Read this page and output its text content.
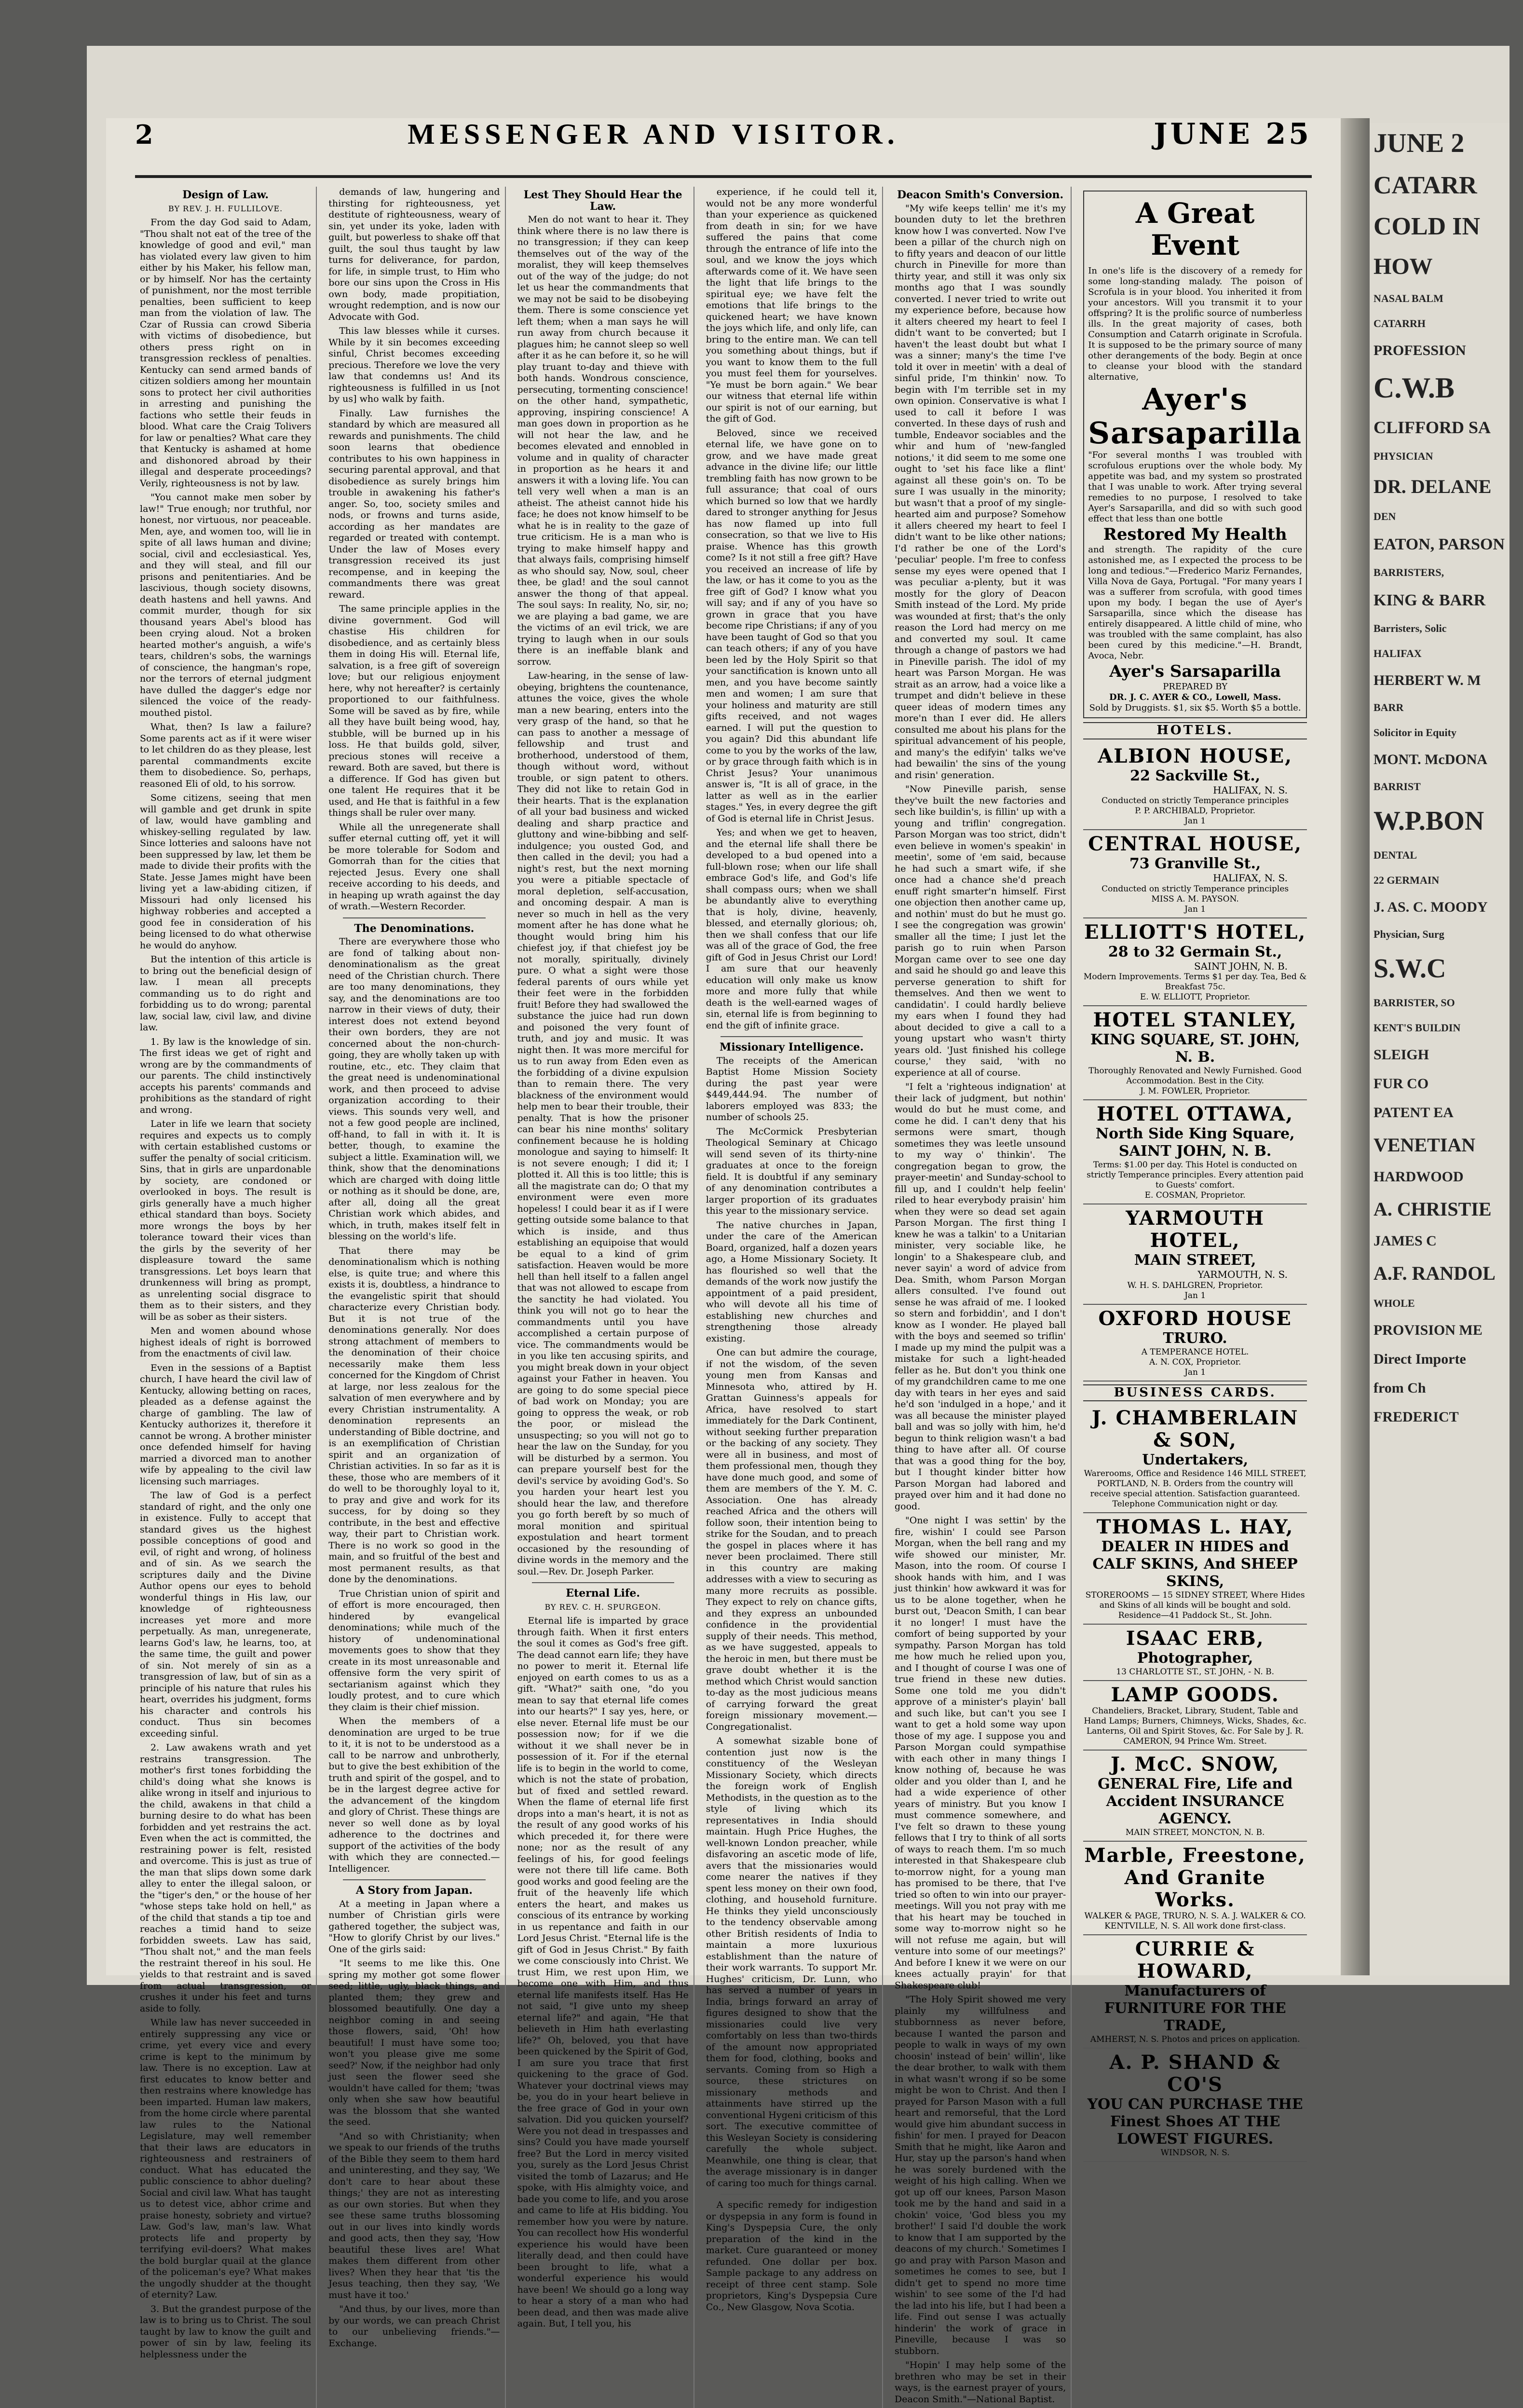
JUNE 2
CATARR
COLD IN
HOW
NASAL BALM
CATARRH
PROFESSION
C.W.B
CLIFFORD SA
PHYSICIAN
DR. DELANE
DEN
EATON, PARSON
BARRISTERS,
KING & BARR
Barristers, Solic
HALIFAX
HERBERT W. M
BARR
Solicitor in Equity
MONT. McDONA
BARRIST
W.P.BON
DENTAL
22 GERMAIN
J. AS. C. MOODY
Physician, Surg
S.W.C
BARRISTER, SO
KENT'S BUILDIN
SLEIGH
FUR CO
PATENT EA
VENETIAN
HARDWOOD
A. CHRISTIE
JAMES C
A.F. RANDOL
WHOLE
PROVISION ME
Direct Importe
from Ch
FREDERICT
2	MESSENGER AND VISITOR.	JUNE 25
Design of Law.
BY REV. J. H. FULLILOVE.

From the day God said to Adam, "Thou shalt not eat of the tree of the knowledge of good and evil," man has violated every law given to him either by his Maker, his fellow man, or by himself. Nor has the certainty of punishment, nor the most terrible penalties, been sufficient to keep man from the violation of law. The Czar of Russia can crowd Siberia with victims of disobedience, but others press right on in transgression reckless of penalties. Kentucky can send armed bands of citizen soldiers among her mountain sons to protect her civil authorities in arresting and punishing the factions who settle their feuds in blood. What care the Craig Tolivers for law or penalties? What care they that Kentucky is ashamed at home and dishonored abroad by their illegal and desperate proceedings? Verily, righteousness is not by law.

"You cannot make men sober by law!" True enough; nor truthful, nor honest, nor virtuous, nor peaceable. Men, aye, and women too, will lie in spite of all laws human and divine; social, civil and ecclesiastical. Yes, and they will steal, and fill our prisons and penitentiaries. And be lascivious, though society disowns, death hastens and hell yawns. And commit murder, though for six thousand years Abel's blood has been crying aloud. Not a broken hearted mother's anguish, a wife's tears, children's sobs, the warnings of conscience, the hangman's rope, nor the terrors of eternal judgment have dulled the dagger's edge nor silenced the voice of the ready-mouthed pistol.

What, then? Is law a failure? Some parents act as if it were wiser to let children do as they please, lest parental commandments excite them to disobedience. So, perhaps, reasoned Eli of old, to his sorrow.

Some citizens, seeing that men will gamble and get drunk in spite of law, would have gambling and whiskey-selling regulated by law. Since lotteries and saloons have not been suppressed by law, let them be made to divide their profits with the State. Jesse James might have been living yet a law-abiding citizen, if Missouri had only licensed his highway robberies and accepted a good fee in consideration of his being licensed to do what otherwise he would do anyhow.

But the intention of this article is to bring out the beneficial design of law. I mean all precepts commanding us to do right and forbidding us to do wrong; parental law, social law, civil law, and divine law.

1. By law is the knowledge of sin. The first ideas we get of right and wrong are by the commandments of our parents. The child instinctively accepts his parents' commands and prohibitions as the standard of right and wrong.

Later in life we learn that society requires and expects us to comply with certain established customs or suffer the penalty of social criticism. Sins, that in girls are unpardonable by society, are condoned or overlooked in boys. The result is girls generally have a much higher ethical standard than boys. Society more wrongs the boys by her tolerance toward their vices than the girls by the severity of her displeasure toward the same transgressions. Let boys learn that drunkenness will bring as prompt, as unrelenting social disgrace to them as to their sisters, and they will be as sober as their sisters.

Men and women abound whose highest ideals of right is borrowed from the enactments of civil law.

Even in the sessions of a Baptist church, I have heard the civil law of Kentucky, allowing betting on races, pleaded as a defense against the charge of gambling. The law of Kentucky authorizes it, therefore it cannot be wrong. A brother minister once defended himself for having married a divorced man to another wife by appealing to the civil law licensing such marriages.

The law of God is a perfect standard of right, and the only one in existence. Fully to accept that standard gives us the highest possible conceptions of good and evil, of right and wrong, of holiness and of sin. As we search the scriptures daily and the Divine Author opens our eyes to behold wonderful things in His law, our knowledge of righteousness increases yet more and more perpetually. As man, unregenerate, learns God's law, he learns, too, at the same time, the guilt and power of sin. Not merely of sin as a transgression of law, but of sin as a principle of his nature that rules his heart, overrides his judgment, forms his character and controls his conduct. Thus sin becomes exceeding sinful.

2. Law awakens wrath and yet restrains transgression. The mother's first tones forbidding the child's doing what she knows is alike wrong in itself and injurious to the child, awakens in that child a burning desire to do what has been forbidden and yet restrains the act. Even when the act is committed, the restraining power is felt, resisted and overcome. This is just as true of the man that slips down some dark alley to enter the illegal saloon, or the "tiger's den," or the house of her "whose steps take hold on hell," as of the child that stands a tip toe and reaches a timid hand to seize forbidden sweets. Law has said, "Thou shalt not," and the man feels the restraint thereof in his soul. He yields to that restraint and is saved from actual transgression, or crushes it under his feet and turns aside to folly.

While law has never succeeded in entirely suppressing any vice or crime, yet every vice and every crime is kept to the minimum by law. There is no exception. Law at first educates to know better and then restrains where knowledge has been imparted. Human law makers, from the home circle where parental law rules to the National Legislature, may well remember that their laws are educators in righteousness and restrainers of conduct. What has educated the public conscience to abhor dueling? Social and civil law. What has taught us to detest vice, abhor crime and praise honesty, sobriety and virtue? Law. God's law, man's law. What protects life and property by terrifying evil-doers? What makes the bold burglar quail at the glance of the policeman's eye? What makes the ungodly shudder at the thought of eternity? Law.

3. But the grandest purpose of the law is to bring us to Christ. The soul taught by law to know the guilt and power of sin by law, feeling its helplessness under the

demands of law, hungering and thirsting for righteousness, yet destitute of righteousness, weary of sin, yet under its yoke, laden with guilt, but powerless to shake off that guilt, the soul thus taught by law turns for deliverance, for pardon, for life, in simple trust, to Him who bore our sins upon the Cross in His own body, made propitiation, wrought redemption, and is now our Advocate with God.

This law blesses while it curses. While by it sin becomes exceeding sinful, Christ becomes exceeding precious. Therefore we love the very law that condemns us! And its righteousness is fulfilled in us [not by us] who walk by faith.

Finally. Law furnishes the standard by which are measured all rewards and punishments. The child soon learns that obedience contributes to his own happiness in securing parental approval, and that disobedience as surely brings him trouble in awakening his father's anger. So, too, society smiles and nods, or frowns and turns aside, according as her mandates are regarded or treated with contempt. Under the law of Moses every transgression received its just recompense, and in keeping the commandments there was great reward.

The same principle applies in the divine government. God will chastise His children for disobedience, and as certainly bless them in doing His will. Eternal life, salvation, is a free gift of sovereign love; but our religious enjoyment here, why not hereafter? is certainly proportioned to our faithfulness. Some will be saved as by fire, while all they have built being wood, hay, stubble, will be burned up in his loss. He that builds gold, silver, precious stones will receive a reward. Both are saved, but there is a difference. If God has given but one talent He requires that it be used, and He that is faithful in a few things shall be ruler over many.

While all the unregenerate shall suffer eternal cutting off, yet it will be more tolerable for Sodom and Gomorrah than for the cities that rejected Jesus. Every one shall receive according to his deeds, and in heaping up wrath against the day of wrath.—Western Recorder.

The Denominations.

There are everywhere those who are fond of talking about non-denominationalism as the great need of the Christian church. There are too many denominations, they say, and the denominations are too narrow in their views of duty, their interest does not extend beyond their own borders, they are not concerned about the non-church-going, they are wholly taken up with routine, etc., etc. They claim that the great need is undenominational work, and then proceed to advise organization according to their views. This sounds very well, and not a few good people are inclined, off-hand, to fall in with it. It is better, though, to examine the subject a little. Examination will, we think, show that the denominations which are charged with doing little or nothing as it should be done, are, after all, doing all the great Christian work which abides, and which, in truth, makes itself felt in blessing on the world's life.

That there may be denominationalism which is nothing else, is quite true; and where this exists it is, doubtless, a hindrance to the evangelistic spirit that should characterize every Christian body. But it is not true of the denominations generally. Nor does strong attachment of members to the denomination of their choice necessarily make them less concerned for the Kingdom of Christ at large, nor less zealous for the salvation of men everywhere and by every Christian instrumentality. A denomination represents an understanding of Bible doctrine, and is an exemplification of Christian spirit and an organization of Christian activities. In so far as it is these, those who are members of it do well to be thoroughly loyal to it, to pray and give and work for its success, for by doing so they contribute, in the best and effective way, their part to Christian work. There is no work so good in the main, and so fruitful of the best and most permanent results, as that done by the denominations.

True Christian union of spirit and of effort is more encouraged, then hindered by evangelical denominations; while much of the history of undenominational movements goes to show that they create in its most unreasonable and offensive form the very spirit of sectarianism against which they loudly protest, and to cure which they claim is their chief mission.

When the members of a denomination are urged to be true to it, it is not to be understood as a call to be narrow and unbrotherly, but to give the best exhibition of the truth and spirit of the gospel, and to be in the largest degree active for the advancement of the kingdom and glory of Christ. These things are never so well done as by loyal adherence to the doctrines and support of the activities of the body with which they are connected.—Intelligencer.

A Story from Japan.

At a meeting in Japan where a number of Christian girls were gathered together, the subject was, "How to glorify Christ by our lives." One of the girls said:

"It seems to me like this. One spring my mother got some flower seed; little, ugly, black things, and planted them; they grew and blossomed beautifully. One day a neighbor coming in and seeing those flowers, said, 'Oh! how beautiful! I must have some too; won't you please give me some seed?' Now, if the neighbor had only just seen the flower seed she wouldn't have called for them; 'twas only when she saw how beautiful was the blossom that she wanted the seed.

"And so with Christianity; when we speak to our friends of the truths of the Bible they seem to them hard and uninteresting, and they say, 'We don't care to hear about these things;' they are not as interesting as our own stories. But when they see these same truths blossoming out in our lives into kindly words and good acts, then they say, 'How beautiful these lives are! What makes them different from other lives? When they hear that 'tis the Jesus teaching, then they say, 'We must have it too.'

"And thus, by our lives, more than by our words, we can preach Christ to our unbelieving friends."—Exchange.

Lest They Should Hear the Law.

Men do not want to hear it. They think where there is no law there is no transgression; if they can keep themselves out of the way of the moralist, they will keep themselves out of the way of the judge; do not let us hear the commandments that we may not be said to be disobeying them. There is some conscience yet left them; when a man says he will run away from church because it plagues him; he cannot sleep so well after it as he can before it, so he will play truant to-day and thieve with both hands. Wondrous conscience, persecuting, tormenting conscience! on the other hand, sympathetic, approving, inspiring conscience! A man goes down in proportion as he will not hear the law, and he becomes elevated and ennobled in volume and in quality of character in proportion as he hears it and answers it with a loving life. You can tell very well when a man is an atheist. The atheist cannot hide his face; he does not know himself to be what he is in reality to the gaze of true criticism. He is a man who is trying to make himself happy and that always fails, comprising himself as who should say, Now, soul, cheer thee, be glad! and the soul cannot answer the thong of that appeal. The soul says: In reality, No, sir, no; we are playing a bad game, we are the victims of an evil trick, we are trying to laugh when in our souls there is an ineffable blank and sorrow.

Law-hearing, in the sense of law-obeying, brightens the countenance, attunes the voice, gives the whole man a new bearing, enters into the very grasp of the hand, so that he can pass to another a message of fellowship and trust and brotherhood, understood of them, though without word, without trouble, or sign patent to others. They did not like to retain God in their hearts. That is the explanation of all your bad business and wicked dealing and sharp practice and gluttony and wine-bibbing and self-indulgence; you ousted God, and then called in the devil; you had a night's rest, but the next morning you were a pitiable spectacle of moral depletion, self-accusation, and oncoming despair. A man is never so much in hell as the very moment after he has done what he thought would bring him his chiefest joy, if that chiefest joy be not morally, spiritually, divinely pure. O what a sight were those federal parents of ours while yet their feet were in the forbidden fruit! Before they had swallowed the substance the juice had run down and poisoned the very fount of truth, and joy and music. It was night then. It was more merciful for us to run away from Eden even as the forbidding of a divine expulsion than to remain there. The very blackness of the environment would help men to bear their trouble, their penalty. That is how the prisoner can bear his nine months' solitary confinement because he is holding monologue and saying to himself: It is not severe enough; I did it; I plotted it. All this is too little; this is all the magistrate can do; O that my environment were even more hopeless! I could bear it as if I were getting outside some balance to that which is inside, and thus establishing an equipoise that would be equal to a kind of grim satisfaction. Heaven would be more hell than hell itself to a fallen angel that was not allowed to escape from the sanctity he had violated. You think you will not go to hear the commandments until you have accomplished a certain purpose of vice. The commandments would be in you like ten accusing spirits, and you might break down in your object against your Father in heaven. You are going to do some special piece of bad work on Monday; you are going to oppress the weak, or rob the poor, or mislead the unsuspecting; so you will not go to hear the law on the Sunday, for you will be disturbed by a sermon. You can prepare yourself best for the devil's service by avoiding God's. So you harden your heart lest you should hear the law, and therefore you go forth bereft by so much of moral monition and spiritual expostulation and heart torment occasioned by the resounding of divine words in the memory and the soul.—Rev. Dr. Joseph Parker.

Eternal Life.
BY REV. C. H. SPURGEON.

Eternal life is imparted by grace through faith. When it first enters the soul it comes as God's free gift. The dead cannot earn life; they have no power to merit it. Eternal life enjoyed on earth comes to us as a gift. "What?" saith one, "do you mean to say that eternal life comes into our hearts?" I say yes, here, or else never. Eternal life must be our possession now; for if we die without it we shall never be in possession of it. For if the eternal life is to begin in the world to come, which is not the state of probation, but of fixed and settled reward. When the flame of eternal life first drops into a man's heart, it is not as the result of any good works of his which preceded it, for there were none; nor as the result of any feelings of his, for good feelings were not there till life came. Both good works and good feeling are the fruit of the heavenly life which enters the heart, and makes us conscious of its entrance by working in us repentance and faith in our Lord Jesus Christ. "Eternal life is the gift of God in Jesus Christ." By faith we come consciously into Christ. We trust Him, we rest upon Him, we become one with Him, and thus eternal life manifests itself. Has He not said, "I give unto my sheep eternal life?" and again, "He that believeth in Him hath everlasting life?" Oh, beloved, you that have been quickened by the Spirit of God, I am sure you trace that first quickening to the grace of God. Whatever your doctrinal views may be, you do in your heart believe in the free grace of God in your own salvation. Did you quicken yourself? Were you not dead in trespasses and sins? Could you have made yourself free? But the Lord in mercy visited you, surely as the Lord Jesus Christ visited the tomb of Lazarus; and He spoke, with His almighty voice, and bade you come to life, and you arose and came to life at His bidding. You remember how you were by nature. You can recollect how His wonderful experience his would have been literally dead, and then could have been brought to life, what a wonderful experience his would have been! We should go a long way to hear a story of a man who had been dead, and then was made alive again. But, I tell you, his

experience, if he could tell it, would not be any more wonderful than your experience as quickened from death in sin; for we have suffered the pains that come through the entrance of life into the soul, and we know the joys which afterwards come of it. We have seen the light that life brings to the spiritual eye; we have felt the emotions that life brings to the quickened heart; we have known the joys which life, and only life, can bring to the entire man. We can tell you something about things, but if you want to know them to the full you must feel them for yourselves. "Ye must be born again." We bear our witness that eternal life within our spirit is not of our earning, but the gift of God.

Beloved, since we received eternal life, we have gone on to grow, and we have made great advance in the divine life; our little trembling faith has now grown to be full assurance; that coal of ours which burned so low that we hardly dared to stronger anything for Jesus has now flamed up into full consecration, so that we live to His praise. Whence has this growth come? Is it not still a free gift? Have you received an increase of life by the law, or has it come to you as the free gift of God? I know what you will say; and if any of you have so grown in grace that you have become ripe Christians; if any of you have been taught of God so that you can teach others; if any of you have been led by the Holy Spirit so that your sanctification is known unto all men, and you have become saintly men and women; I am sure that your holiness and maturity are still gifts received, and not wages earned. I will put the question to you again? Did this abundant life come to you by the works of the law, or by grace through faith which is in Christ Jesus? Your unanimous answer is, "It is all of grace, in the latter as well as in the earlier stages." Yes, in every degree the gift of God is eternal life in Christ Jesus.

Yes; and when we get to heaven, and the eternal life shall there be developed to a bud opened into a full-blown rose; when our life shall embrace God's life, and God's life shall compass ours; when we shall be abundantly alive to everything that is holy, divine, heavenly, blessed, and eternally glorious; oh, then we shall confess that our life was all of the grace of God, the free gift of God in Jesus Christ our Lord! I am sure that our heavenly education will only make us know more and more fully that while death is the well-earned wages of sin, eternal life is from beginning to end the gift of infinite grace.

Missionary Intelligence.

The receipts of the American Baptist Home Mission Society during the past year were $449,444.94. The number of laborers employed was 833; the number of schools 25.

The McCormick Presbyterian Theological Seminary at Chicago will send seven of its thirty-nine graduates at once to the foreign field. It is doubtful if any seminary of any denomination contributes a larger proportion of its graduates this year to the missionary service.

The native churches in Japan, under the care of the American Board, organized, half a dozen years ago, a Home Missionary Society. It has flourished so well that the demands of the work now justify the appointment of a paid president, who will devote all his time of establishing new churches and strengthening those already existing.

One can but admire the courage, if not the wisdom, of the seven young men from Kansas and Minnesota who, attired by H. Grattan Guinness's appeals for Africa, have resolved to start immediately for the Dark Continent, without seeking further preparation or the backing of any society. They were all in business, and most of them professional men, though they have done much good, and some of them are members of the Y. M. C. Association. One has already reached Africa and the others will follow soon, their intention being to strike for the Soudan, and to preach the gospel in places where it has never been proclaimed. There still in this country are making addresses with a view to securing as many more recruits as possible. They expect to rely on chance gifts, and they express an unbounded confidence in the providential supply of their needs. This method, as we have suggested, appeals to the heroic in men, but there must be grave doubt whether it is the method which Christ would sanction to-day as the most judicious means of carrying forward the great foreign missionary movement.—Congregationalist.

A somewhat sizable bone of contention just now is the constituency of the Wesleyan Missionary Society, which directs the foreign work of English Methodists, in the question as to the style of living which its representatives in India should maintain. Hugh Price Hughes, the well-known London preacher, while disfavoring an ascetic mode of life, avers that the missionaries would come nearer the natives if they spent less money on their own food, clothing, and household furniture. He thinks they yield unconsciously to the tendency observable among other British residents of India to maintain a more luxurious establishment than the nature of their work warrants. To support Mr. Hughes' criticism, Dr. Lunn, who has served a number of years in India, brings forward an array of figures designed to show that the missionaries could live very comfortably on less than two-thirds of the amount now appropriated them for food, clothing, books and servants. Coming from so High a source, these strictures on missionary methods and attainments have stirred up the conventional Hygeni criticism of this sort. The executive committee of this Wesleyan Society is considering carefully the whole subject. Meanwhile, one thing is clear, that the average missionary is in danger of caring too much for things carnal.

A specific remedy for indigestion or dyspepsia in any form is found in King's Dyspepsia Cure, the only preparation of the kind in the market. Cure guaranteed or money refunded. One dollar per box. Sample package to any address on receipt of three cent stamp. Sole proprietors, King's Dyspepsia Cure Co., New Glasgow, Nova Scotia.

Deacon Smith's Conversion.

"My wife keeps tellin' me it's my bounden duty to let the brethren know how I was converted. Now I've been a pillar of the church nigh on to fifty years and deacon of our little church in Pineville for more than thirty year, and still it was only six months ago that I was soundly converted. I never tried to write out my experience before, because how it alters cheered my heart to feel I didn't want to be converted; but I haven't the least doubt but what I was a sinner; many's the time I've told it over in meetin' with a deal of sinful pride, I'm thinkin' now. To begin with I'm terrible set in my own opinion. Conservative is what I used to call it before I was converted. In these days of rush and tumble, Endeavor sociables and the whir and hum of 'new-fangled notions,' it did seem to me some one ought to 'set his face like a flint' against all these goin's on. To be sure I was usually in the minority; but wasn't that a proof of my single-hearted aim and purpose? Somehow it allers cheered my heart to feel I didn't want to be like other nations; I'd rather be one of the Lord's 'peculiar' people. I'm free to confess sense my eyes were opened that I was peculiar a-plenty, but it was mostly for the glory of Deacon Smith instead of the Lord. My pride was wounded at first; that's the only reason the Lord had mercy on me and converted my soul. It came through a change of pastors we had in Pineville parish. The idol of my heart was Parson Morgan. He was strait as an arrow, had a voice like a trumpet and didn't believe in these queer ideas of modern times any more'n than I ever did. He allers consulted me about his plans for the spiritual advancement of his people, and many's the edifyin' talks we've had bewailin' the sins of the young and risin' generation.

"Now Pineville parish, sense they've built the new factories and sech like buildin's, is fillin' up with a young and triflin' congregation. Parson Morgan was too strict, didn't even believe in women's speakin' in meetin', some of 'em said, because he had such a smart wife, if she once had a chance she'd preach enuff right smarter'n himself. First one objection then another came up, and nothin' must do but he must go. I see the congregation was growin' smaller all the time; I just let the parish go to ruin when Parson Morgan came over to see one day and said he should go and leave this perverse generation to shift for themselves. And then we went to candidatin'. I could hardly believe my ears when I found they had about decided to give a call to a young upstart who wasn't thirty years old. 'Just finished his college course,' they said, 'with no experience at all of course.

"I felt a 'righteous indignation' at their lack of judgment, but nothin' would do but he must come, and come he did. I can't deny that his sermons were smart, though sometimes they was leetle unsound to my way o' thinkin'. The congregation began to grow, the prayer-meetin' and Sunday-school to fill up, and I couldn't help feelin' riled to hear everybody praisin' him when they were so dead set again Parson Morgan. The first thing I knew he was a talkin' to a Unitarian minister, very sociable like, he longin' to a Shakespeare club, and never sayin' a word of advice from Dea. Smith, whom Parson Morgan allers consulted. I've found out sense he was afraid of me. I looked so stern and forbiddin', and I don't know as I wonder. He played ball with the boys and seemed so triflin' I made up my mind the pulpit was a mistake for such a light-headed feller as he. But don't you think one of my grandchildren came to me one day with tears in her eyes and said he'd son 'indulged in a hope,' and it was all because the minister played ball and was so jolly with him, he'd begun to think religion wasn't a bad thing to have after all. Of course that was a good thing for the boy, but I thought kinder bitter how Parson Morgan had labored and prayed over him and it had done no good.

"One night I was settin' by the fire, wishin' I could see Parson Morgan, when the bell rang and my wife showed our minister, Mr. Mason, into the room. Of course I shook hands with him, and I was just thinkin' how awkward it was for us to be alone together, when he burst out, 'Deacon Smith, I can bear it no longer! I must have the comfort of being supported by your sympathy. Parson Morgan has told me how much he relied upon you, and I thought of course I was one of true friend in these new duties. Some one told me you didn't approve of a minister's playin' ball and such like, but can't you see I want to get a hold some way upon those of my age. I suppose you and Parson Morgan could sympathise with each other in many things I know nothing of, because he was older and you older than I, and he had a wide experience of other years of ministry. But you know I must commence somewhere, and I've felt so drawn to these young fellows that I try to think of all sorts of ways to reach them. I'm so much interested in that Shakespeare club to-morrow night, for a young man has promised to be there, that I've tried so often to win into our prayer-meetings. Will you not pray with me that his heart may be touched in some way to-morrow night so he will not refuse me again, but will venture into some of our meetings?' And before I knew it we were on our knees actually prayin' for that Shakespeare club!

"The Holy Spirit showed me very plainly my willfulness and stubbornness as never before, because I wanted the parson and people to walk in ways of my own choosin' instead of bein' willin', like the dear brother, to walk with them in what wasn't wrong if so be some might be won to Christ. And then I prayed for Parson Mason with a full heart and remorseful, that the Lord would give him abundant success in fishin' for men. I prayed for Deacon Smith that he might, like Aaron and Hur, stay up the parson's hand when he was sorely burdened with the weight of his high calling. When we got up off our knees, Parson Mason took me by the hand and said in a chokin' voice, 'God bless you my brother!' I said I'd double the work to know that I am supported by the deacons of my church.' Sometimes I go and pray with Parson Mason and sometimes he comes to see, but I didn't get to spend no more time wishin' to see some of the I'd had the lad into his life, but I had been a life. Find out sense I was actually hinderin' the work of grace in Pineville, because I was so stubborn.

"Hopin' I may help some of the brethren who may be set in their ways, is the earnest prayer of yours, Deacon Smith."—National Baptist.

A Great Event
In one's life is the discovery of a remedy for some long-standing malady. The poison of Scrofula is in your blood. You inherited it from your ancestors. Will you transmit it to your offspring? It is the prolific source of numberless ills. In the great majority of cases, both Consumption and Catarrh originate in Scrofula. It is supposed to be the primary source of many other derangements of the body. Begin at once to cleanse your blood with the standard alternative,
Ayer's Sarsaparilla
"For several months I was troubled with scrofulous eruptions over the whole body. My appetite was bad, and my system so prostrated that I was unable to work. After trying several remedies to no purpose, I resolved to take Ayer's Sarsaparilla, and did so with such good effect that less than one bottle
Restored My Health
and strength. The rapidity of the cure astonished me, as I expected the process to be long and tedious."—Frederico Mariz Fernandes, Villa Nova de Gaya, Portugal. "For many years I was a sufferer from scrofula, with good times upon my body. I began the use of Ayer's Sarsaparilla, since which the disease has entirely disappeared. A little child of mine, who was troubled with the same complaint, has also been cured by this medicine."—H. Brandt, Avoca, Nebr.
Ayer's Sarsaparilla
PREPARED BY
DR. J. C. AYER & CO., Lowell, Mass.
Sold by Druggists. $1, six $5. Worth $5 a bottle.
HOTELS.
ALBION HOUSE,
22 Sackville St.,
HALIFAX, N. S.
Conducted on strictly Temperance principles
P. P. ARCHIBALD, Proprietor.
Jan 1
CENTRAL HOUSE,
73 Granville St.,
HALIFAX, N. S.
Conducted on strictly Temperance principles
MISS A. M. PAYSON.
Jan 1
ELLIOTT'S HOTEL,
28 to 32 Germain St.,
SAINT JOHN, N. B.
Modern Improvements. Terms $1 per day. Tea, Bed & Breakfast 75c.
E. W. ELLIOTT, Proprietor.
HOTEL STANLEY,
KING SQUARE, ST. JOHN, N. B.
Thoroughly Renovated and Newly Furnished. Good Accommodation. Best in the City.
J. M. FOWLER, Proprietor.
HOTEL OTTAWA,
North Side King Square, SAINT JOHN, N. B.
Terms: $1.00 per day. This Hotel is conducted on strictly Temperance principles. Every attention paid to Guests' comfort.
E. COSMAN, Proprietor.
YARMOUTH HOTEL,
MAIN STREET,
YARMOUTH, N. S.
W. H. S. DAHLGREN, Proprietor.
Jan 1
OXFORD HOUSE
TRURO.
A TEMPERANCE HOTEL.
A. N. COX, Proprietor.
Jan 1
BUSINESS CARDS.
J. CHAMBERLAIN & SON,
Undertakers,
Warerooms, Office and Residence 146 MILL STREET, PORTLAND, N. B. Orders from the country will receive special attention. Satisfaction guaranteed. Telephone Communication night or day.
THOMAS L. HAY,
DEALER IN HIDES and CALF SKINS, And SHEEP SKINS,
STOREROOMS — 15 SIDNEY STREET, Where Hides and Skins of all kinds will be bought and sold. Residence—41 Paddock St., St. John.
ISAAC ERB,
Photographer,
13 CHARLOTTE ST., ST. JOHN, - N. B.
LAMP GOODS.
Chandeliers, Bracket, Library, Student, Table and Hand Lamps; Burners, Chimneys, Wicks, Shades, &c. Lanterns, Oil and Spirit Stoves, &c. For Sale by J. R. CAMERON, 94 Prince Wm. Street.
J. McC. SNOW,
GENERAL Fire, Life and Accident INSURANCE AGENCY.
MAIN STREET, MONCTON, N. B.
Marble, Freestone, And Granite Works.
WALKER & PAGE, TRURO, N. S. A. J. WALKER & CO. KENTVILLE, N. S. All work done first-class.
CURRIE & HOWARD,
Manufacturers of FURNITURE FOR THE TRADE,
AMHERST, N. S. Photos and prices on application.
A. P. SHAND & CO'S
YOU CAN PURCHASE THE Finest Shoes AT THE LOWEST FIGURES.
WINDSOR, N. S.
